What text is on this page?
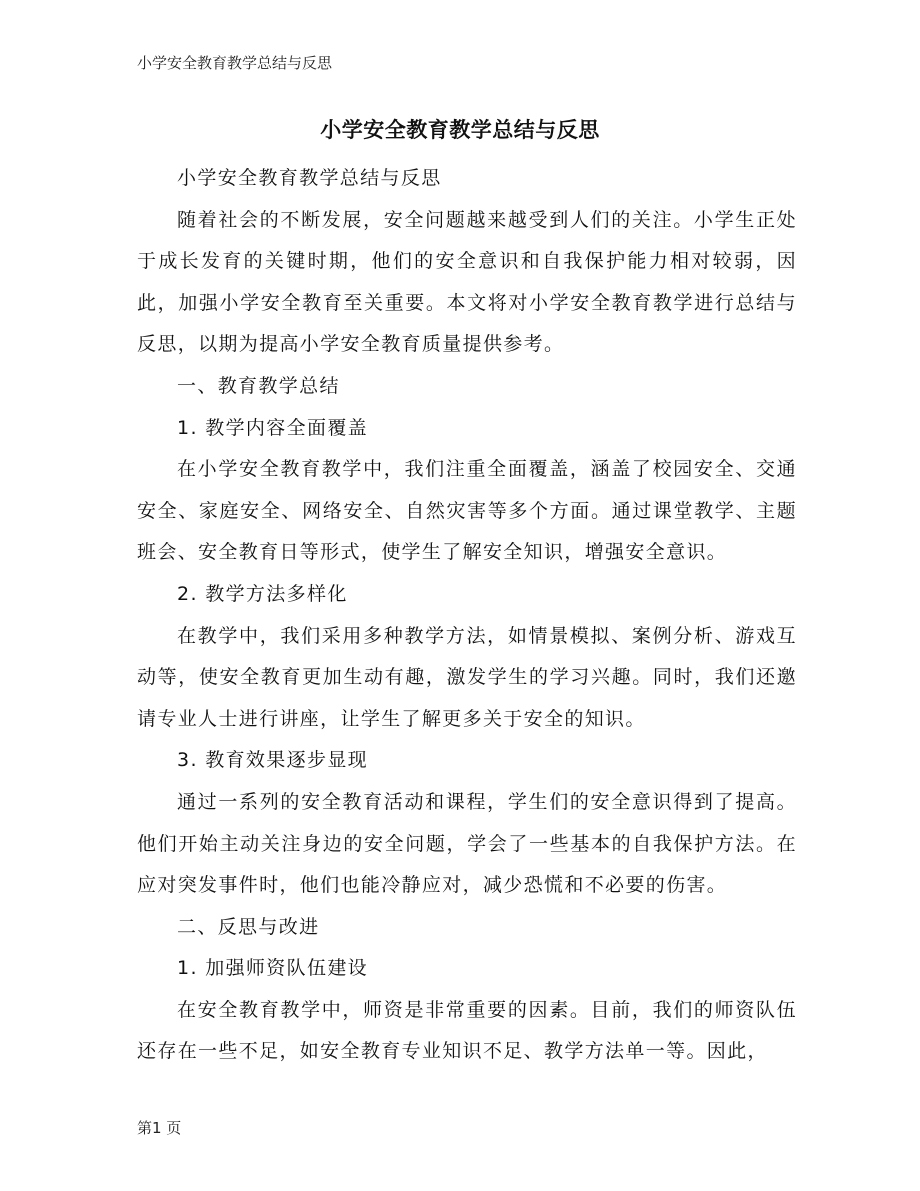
小学安全教育教学总结与反思
小学安全教育教学总结与反思

小学安全教育教学总结与反思

随着社会的不断发展，安全问题越来越受到人们的关注。小学生正处于成长发育的关键时期，他们的安全意识和自我保护能力相对较弱，因此，加强小学安全教育至关重要。本文将对小学安全教育教学进行总结与反思，以期为提高小学安全教育质量提供参考。

一、教育教学总结

1. 教学内容全面覆盖

在小学安全教育教学中，我们注重全面覆盖，涵盖了校园安全、交通安全、家庭安全、网络安全、自然灾害等多个方面。通过课堂教学、主题班会、安全教育日等形式，使学生了解安全知识，增强安全意识。

2. 教学方法多样化

在教学中，我们采用多种教学方法，如情景模拟、案例分析、游戏互动等，使安全教育更加生动有趣，激发学生的学习兴趣。同时，我们还邀请专业人士进行讲座，让学生了解更多关于安全的知识。

3. 教育效果逐步显现

通过一系列的安全教育活动和课程，学生们的安全意识得到了提高。他们开始主动关注身边的安全问题，学会了一些基本的自我保护方法。在应对突发事件时，他们也能冷静应对，减少恐慌和不必要的伤害。

二、反思与改进

1. 加强师资队伍建设

在安全教育教学中，师资是非常重要的因素。目前，我们的师资队伍还存在一些不足，如安全教育专业知识不足、教学方法单一等。因此，

第1 页
